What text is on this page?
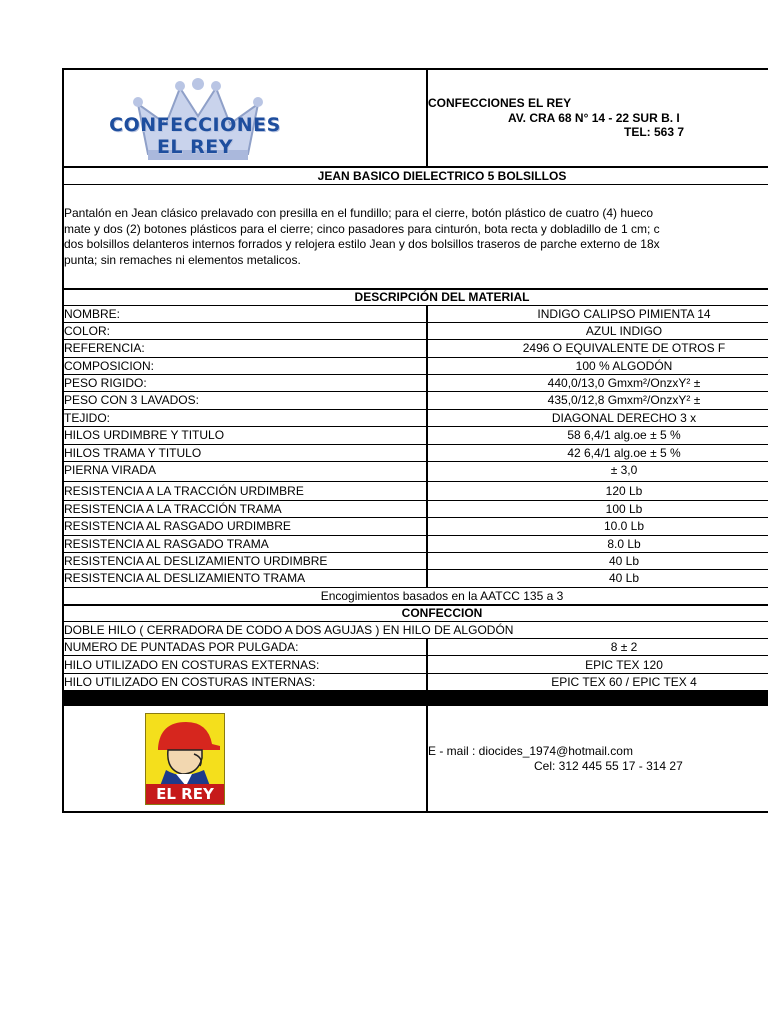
CONFECCIONES
EL REY
CONFECCIONES EL REY
AV. CRA 68 N° 14 - 22 SUR B. I
TEL: 563 7
JEAN BASICO DIELECTRICO 5 BOLSILLOS
Pantalón en Jean clásico prelavado con presilla en el fundillo; para el cierre, botón plástico de cuatro (4) hueco
mate y dos (2) botones plásticos para el cierre; cinco pasadores para cinturón, bota recta y dobladillo de 1 cm; c
dos bolsillos delanteros internos forrados y relojera estilo Jean y dos bolsillos traseros de parche externo de 18x
punta; sin remaches ni elementos metalicos.
DESCRIPCIÓN DEL MATERIAL
NOMBRE:	INDIGO CALIPSO PIMIENTA 14
COLOR:	AZUL INDIGO
REFERENCIA:	2496 O EQUIVALENTE DE OTROS F
COMPOSICION:	100 % ALGODÓN
PESO RIGIDO:	440,0/13,0 Gmxm²/OnzxY² ±
PESO CON 3 LAVADOS:	435,0/12,8 Gmxm²/OnzxY² ±
TEJIDO:	DIAGONAL DERECHO 3 x
HILOS URDIMBRE Y TITULO	58 6,4/1 alg.oe ± 5 %
HILOS TRAMA Y TITULO	42 6,4/1 alg.oe ± 5 %
PIERNA VIRADA	± 3,0
RESISTENCIA A LA TRACCIÓN URDIMBRE	120 Lb
RESISTENCIA A LA TRACCIÓN TRAMA	100 Lb
RESISTENCIA AL RASGADO URDIMBRE	10.0 Lb
RESISTENCIA AL RASGADO TRAMA	8.0 Lb
RESISTENCIA AL DESLIZAMIENTO URDIMBRE	40 Lb
RESISTENCIA AL DESLIZAMIENTO TRAMA	40 Lb
Encogimientos basados en la AATCC 135 a 3
CONFECCION
DOBLE HILO ( CERRADORA DE CODO A DOS AGUJAS ) EN HILO DE ALGODÓN
NUMERO DE PUNTADAS POR PULGADA:	8 ± 2
HILO UTILIZADO EN COSTURAS EXTERNAS:	EPIC TEX 120
HILO UTILIZADO EN COSTURAS INTERNAS:	EPIC TEX 60 / EPIC TEX 4
EL REY
E - mail : diocides_1974@hotmail.com
Cel: 312 445 55 17 - 314 27
